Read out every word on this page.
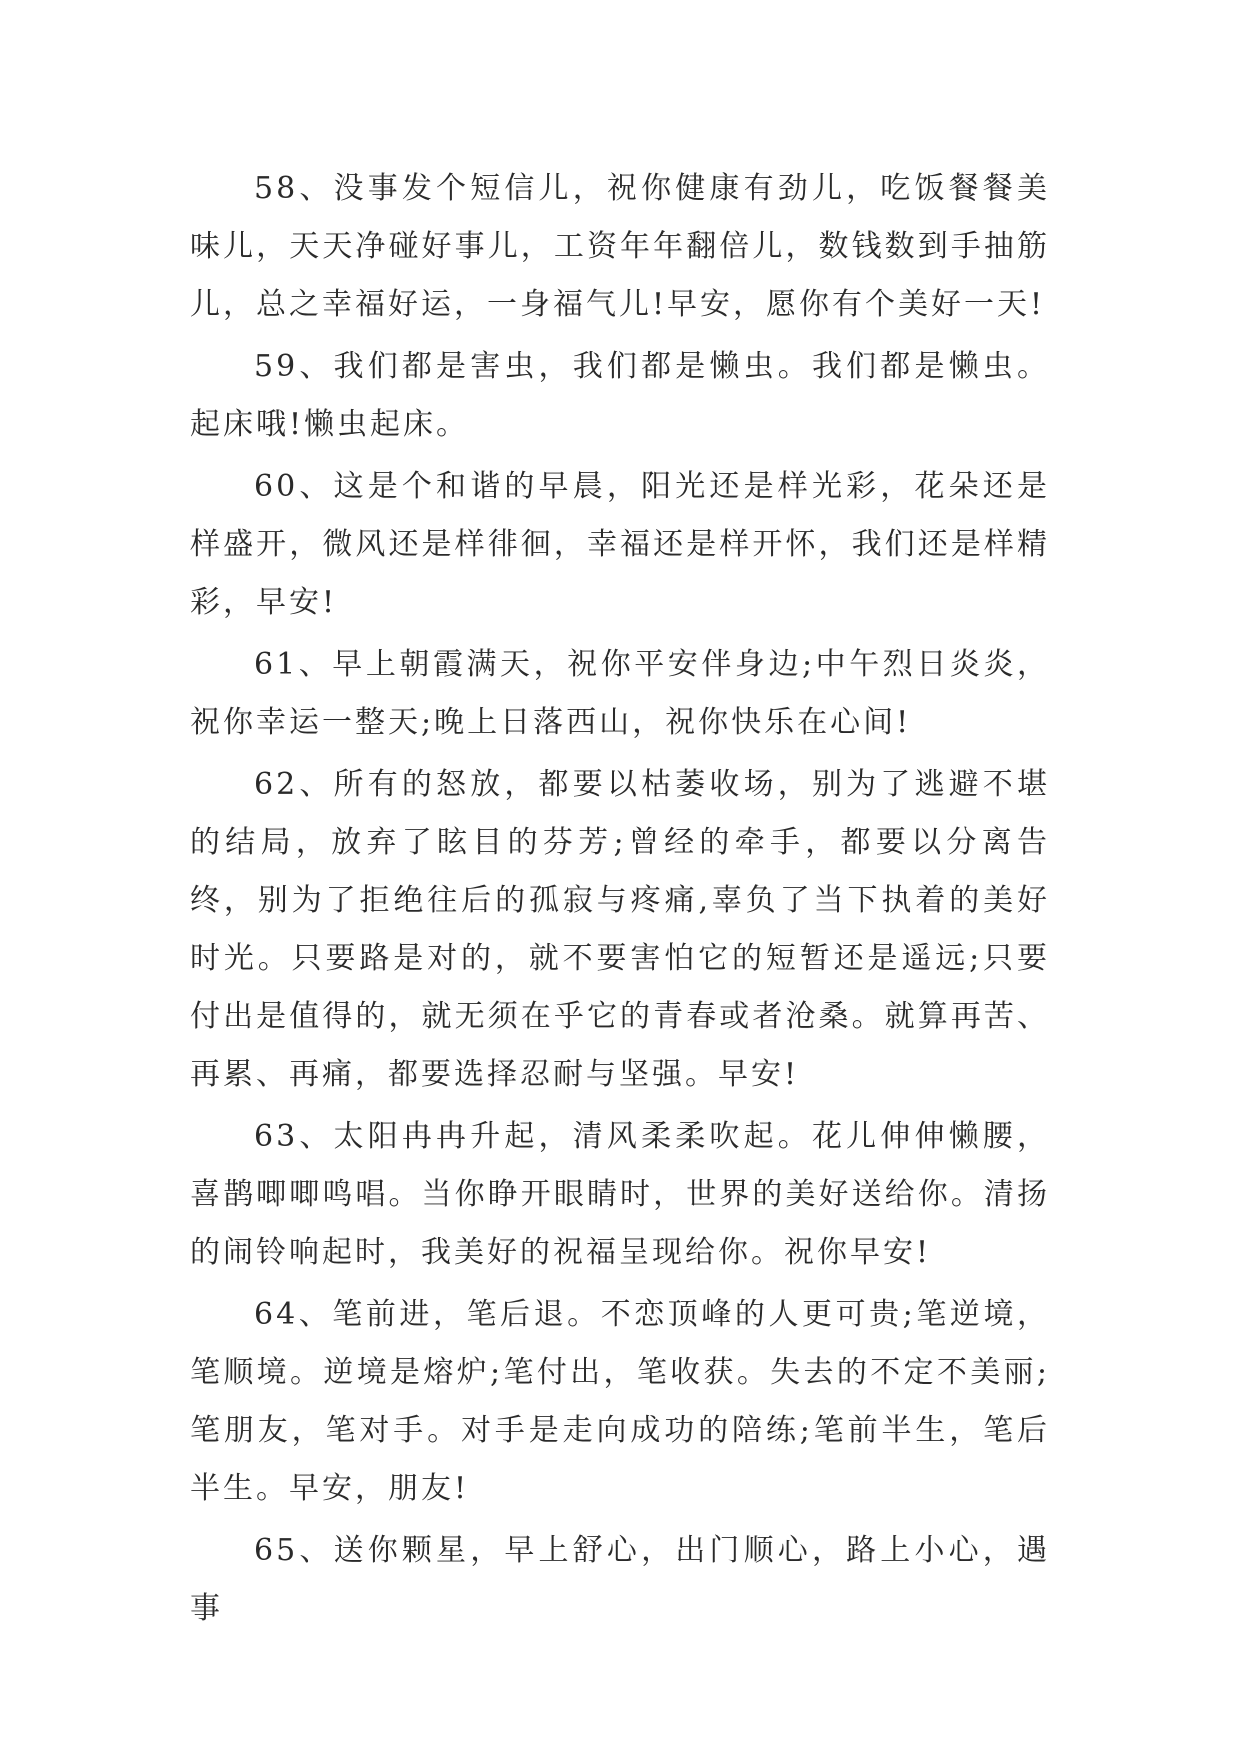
58、没事发个短信儿，祝你健康有劲儿，吃饭餐餐美味儿，天天净碰好事儿，工资年年翻倍儿，数钱数到手抽筋儿，总之幸福好运，一身福气儿!早安，愿你有个美好一天!

59、我们都是害虫，我们都是懒虫。我们都是懒虫。起床哦!懒虫起床。

60、这是个和谐的早晨，阳光还是样光彩，花朵还是样盛开，微风还是样徘徊，幸福还是样开怀，我们还是样精彩，早安!

61、早上朝霞满天，祝你平安伴身边;中午烈日炎炎，祝你幸运一整天;晚上日落西山，祝你快乐在心间!

62、所有的怒放，都要以枯萎收场，别为了逃避不堪的结局，放弃了眩目的芬芳;曾经的牵手，都要以分离告终，别为了拒绝往后的孤寂与疼痛,辜负了当下执着的美好时光。只要路是对的，就不要害怕它的短暂还是遥远;只要付出是值得的，就无须在乎它的青春或者沧桑。就算再苦、再累、再痛，都要选择忍耐与坚强。早安!

63、太阳冉冉升起，清风柔柔吹起。花儿伸伸懒腰，喜鹊唧唧鸣唱。当你睁开眼睛时，世界的美好送给你。清扬的闹铃响起时，我美好的祝福呈现给你。祝你早安!

64、笔前进，笔后退。不恋顶峰的人更可贵;笔逆境，笔顺境。逆境是熔炉;笔付出，笔收获。失去的不定不美丽;笔朋友，笔对手。对手是走向成功的陪练;笔前半生，笔后半生。早安，朋友!

65、送你颗星，早上舒心，出门顺心，路上小心，遇事
